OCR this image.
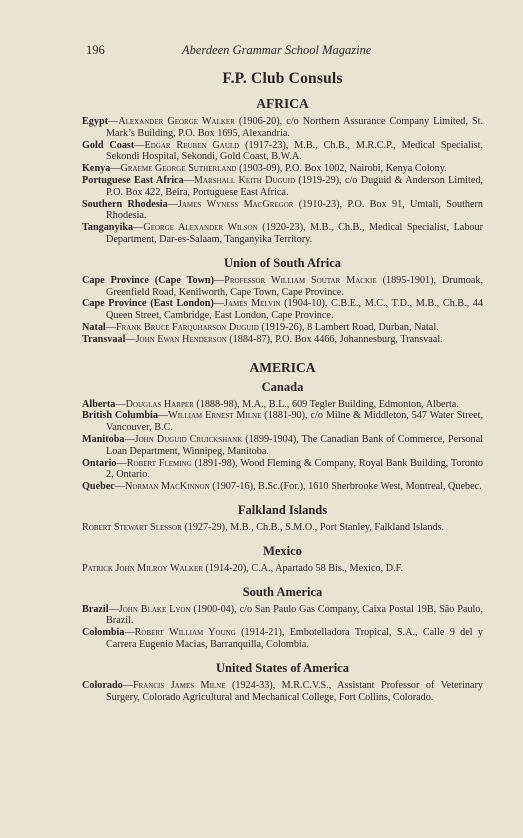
196	Aberdeen Grammar School Magazine
F.P. Club Consuls
AFRICA

Egypt—Alexander George Walker (1906-20), c/o Northern Assurance Company Limited, St. Mark’s Building, P.O. Box 1695, Alexandria.

Gold Coast—Edgar Reuben Gauld (1917-23), M.B., Ch.B., M.R.C.P., Medical Specialist, Sekondi Hospital, Sekondi, Gold Coast, B.W.A.

Kenya—Graeme George Sutherland (1903-09), P.O. Box 1002, Nairobi, Kenya Colony.

Portuguese East Africa—Marshall Keith Duguid (1919-29), c/o Duguid & Anderson Limited, P.O. Box 422, Beira, Portuguese East Africa.

Southern Rhodesia—James Wyness MacGregor (1910-23), P.O. Box 91, Umtali, Southern Rhodesia.

Tanganyika—George Alexander Wilson (1920-23), M.B., Ch.B., Medical Specialist, Labour Department, Dar-es-Salaam, Tanganyika Territory.

Union of South Africa

Cape Province (Cape Town)—Professor William Soutar Mackie (1895-1901), Drumoak, Greenfield Road, Kenilworth, Cape Town, Cape Province.

Cape Province (East London)—James Melvin (1904-10), C.B.E., M.C., T.D., M.B., Ch.B., 44 Queen Street, Cambridge, East London, Cape Province.

Natal—Frank Bruce Farquharson Duguid (1919-26), 8 Lambert Road, Durban, Natal.

Transvaal—John Ewan Henderson (1884-87), P.O. Box 4466, Johannesburg, Transvaal.

AMERICA
Canada

Alberta—Douglas Harper (1888-98), M.A., B.L., 609 Tegler Building, Edmonton, Alberta.

British Columbia—William Ernest Milne (1881-90), c/o Milne & Middleton, 547 Water Street, Vancouver, B.C.

Manitoba—John Duguid Cruickshank (1899-1904), The Canadian Bank of Commerce, Personal Loan Department, Winnipeg, Manitoba.

Ontario—Robert Fleming (1891-98), Wood Fleming & Company, Royal Bank Building, Toronto 2, Ontario.

Quebec—Norman MacKinnon (1907-16), B.Sc.(For.), 1610 Sherbrooke West, Montreal, Quebec.

Falkland Islands

Robert Stewart Slessor (1927-29), M.B., Ch.B., S.M.O., Port Stanley, Falkland Islands.

Mexico

Patrick John Milroy Walker (1914-20), C.A., Apartado 58 Bis., Mexico, D.F.

South America

Brazil—John Blake Lyon (1900-04), c/o San Paulo Gas Company, Caixa Postal 19B, São Paulo, Brazil.

Colombia—Robert William Young (1914-21), Embotelladora Tropical, S.A., Calle 9 del y Carrera Eugenio Macias, Barranquilla, Colombia.

United States of America

Colorado—Francis James Milne (1924-33), M.R.C.V.S., Assistant Professor of Veterinary Surgery, Colorado Agricultural and Mechanical College, Fort Collins, Colorado.
